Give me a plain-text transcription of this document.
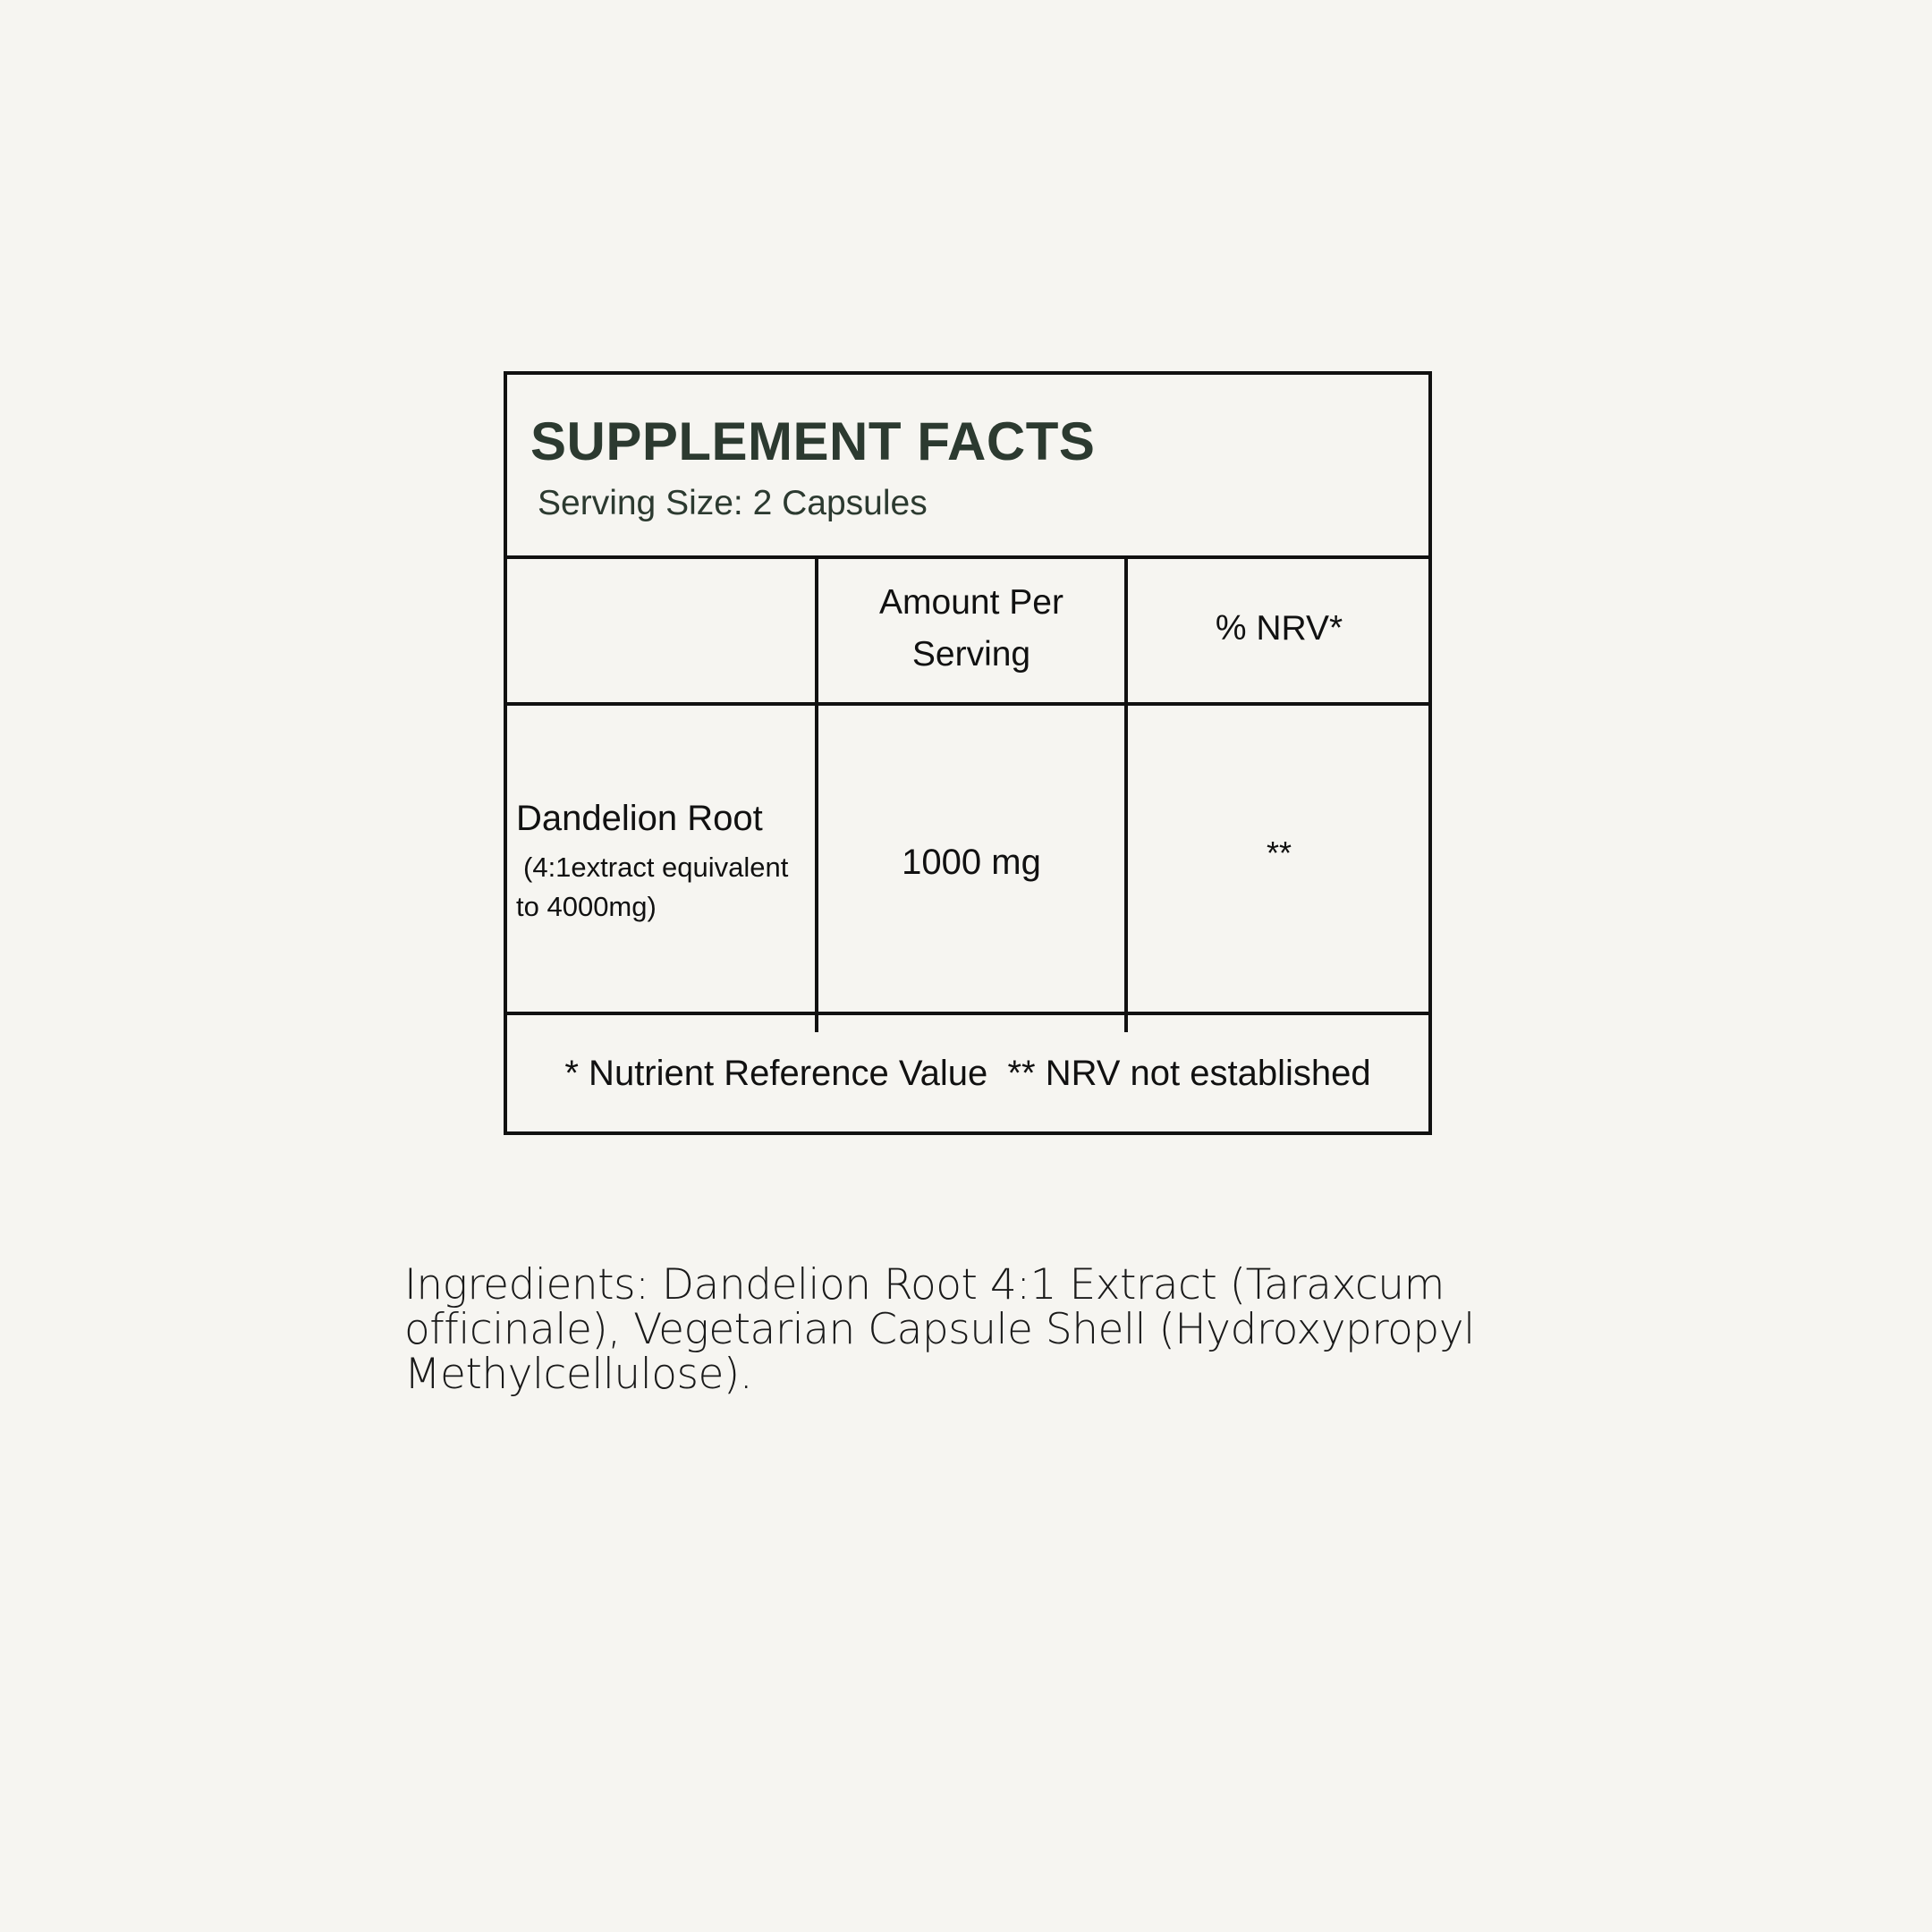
SUPPLEMENT FACTS
Serving Size: 2 Capsules
Amount Per Serving
% NRV*
Dandelion Root
(4:1extract equivalent
to 4000mg)
1000 mg	**
* Nutrient Reference Value  ** NRV not established
Ingredients: Dandelion Root 4:1 Extract (Taraxcum officinale), Vegetarian Capsule Shell (Hydroxypropyl Methylcellulose).
